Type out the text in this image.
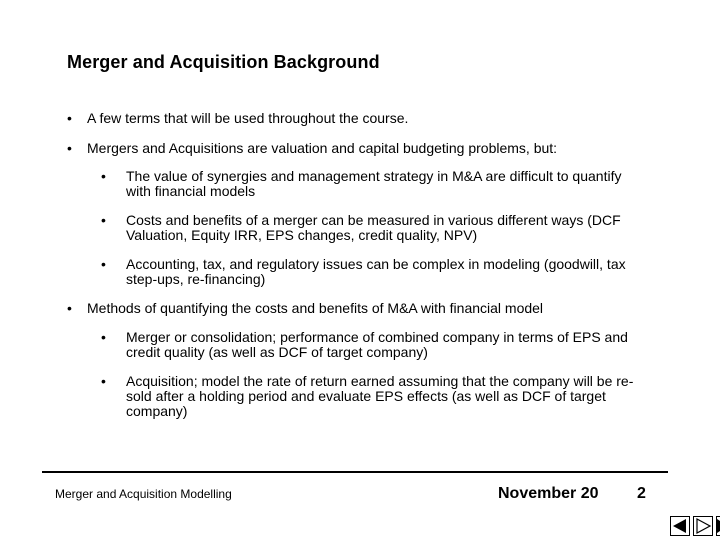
Merger and Acquisition Background
• A few terms that will be used throughout the course.
• Mergers and Acquisitions are valuation and capital budgeting problems, but:
• The value of synergies and management strategy in M&A are difficult to quantify with financial models
• Costs and benefits of a merger can be measured in various different ways (DCF Valuation, Equity IRR, EPS changes, credit quality, NPV)
• Accounting, tax, and regulatory issues can be complex in modeling (goodwill, tax step-ups, re-financing)
• Methods of quantifying the costs and benefits of M&A with financial model
• Merger or consolidation; performance of combined company in terms of EPS and credit quality (as well as DCF of target company)
• Acquisition; model the rate of return earned assuming that the company will be re-sold after a holding period and evaluate EPS effects (as well as DCF of target company)
Merger and Acquisition Modelling	November 20 2
